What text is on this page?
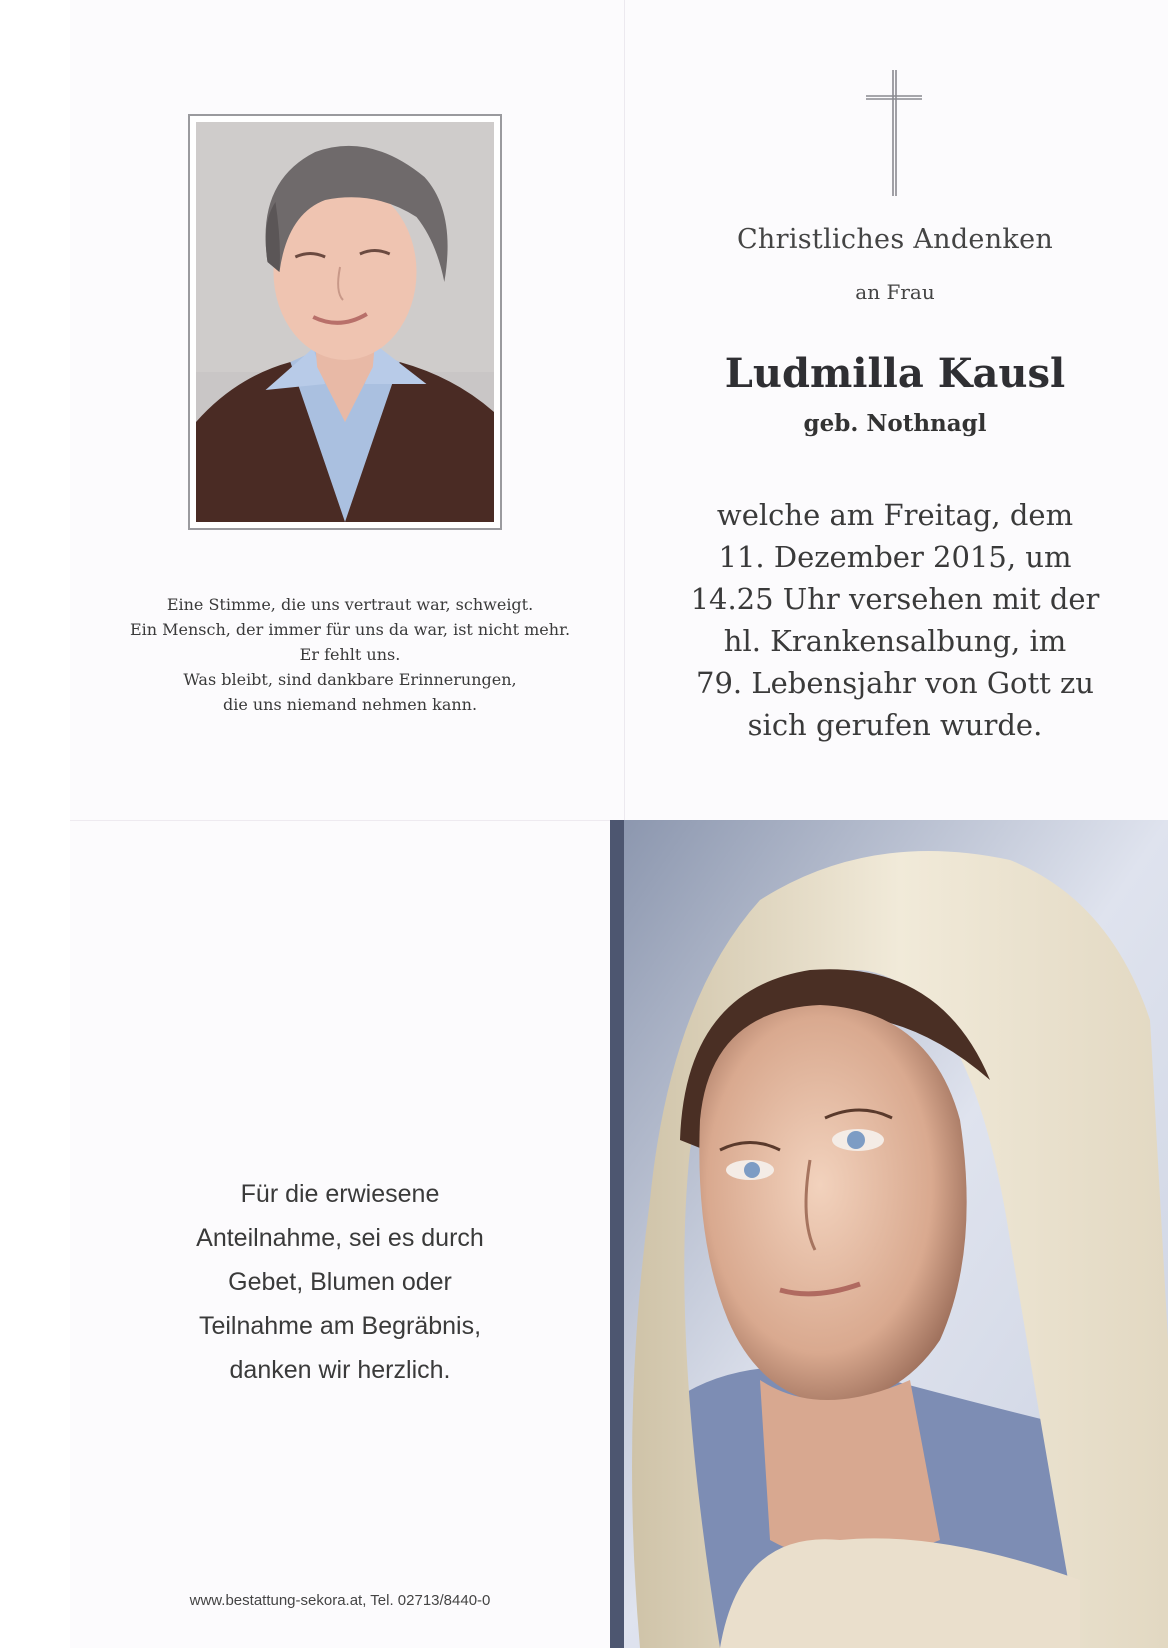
Eine Stimme, die uns vertraut war, schweigt.
Ein Mensch, der immer für uns da war, ist nicht mehr.
Er fehlt uns.
Was bleibt, sind dankbare Erinnerungen,
die uns niemand nehmen kann.
Christliches Andenken
an Frau
Ludmilla Kausl
geb. Nothnagl
welche am Freitag, dem
11. Dezember 2015, um
14.25 Uhr versehen mit der
hl. Krankensalbung, im
79. Lebensjahr von Gott zu
sich gerufen wurde.
Für die erwiesene
Anteilnahme, sei es durch
Gebet, Blumen oder
Teilnahme am Begräbnis,
danken wir herzlich.
www.bestattung-sekora.at, Tel. 02713/8440-0
